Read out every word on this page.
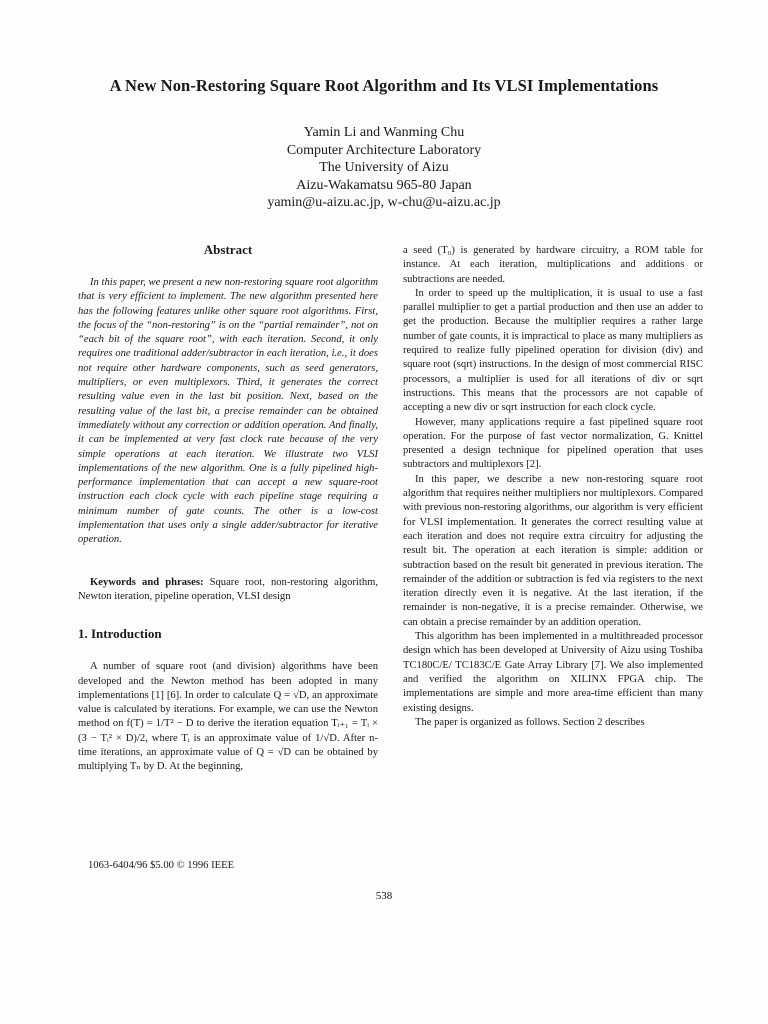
A New Non-Restoring Square Root Algorithm and Its VLSI Implementations
Yamin Li and Wanming Chu
Computer Architecture Laboratory
The University of Aizu
Aizu-Wakamatsu 965-80 Japan
yamin@u-aizu.ac.jp, w-chu@u-aizu.ac.jp
Abstract

In this paper, we present a new non-restoring square root algorithm that is very efficient to implement. The new algorithm presented here has the following features unlike other square root algorithms. First, the focus of the “non-restoring” is on the “partial remainder”, not on “each bit of the square root”, with each iteration. Second, it only requires one traditional adder/subtractor in each iteration, i.e., it does not require other hardware components, such as seed generators, multipliers, or even multiplexors. Third, it generates the correct resulting value even in the last bit position. Next, based on the resulting value of the last bit, a precise remainder can be obtained immediately without any correction or addition operation. And finally, it can be implemented at very fast clock rate because of the very simple operations at each iteration. We illustrate two VLSI implementations of the new algorithm. One is a fully pipelined high-performance implementation that can accept a new square-root instruction each clock cycle with each pipeline stage requiring a minimum number of gate counts. The other is a low-cost implementation that uses only a single adder/subtractor for iterative operation.

Keywords and phrases: Square root, non-restoring algorithm, Newton iteration, pipeline operation, VLSI design

1. Introduction

A number of square root (and division) algorithms have been developed and the Newton method has been adopted in many implementations [1] [6]. In order to calculate Q = √D, an approximate value is calculated by iterations. For example, we can use the Newton method on f(T) = 1/T² − D to derive the iteration equation Tᵢ₊₁ = Tᵢ × (3 − Tᵢ² × D)/2, where Tᵢ is an approximate value of 1/√D. After n-time iterations, an approximate value of Q = √D can be obtained by multiplying Tₙ by D. At the beginning,

a seed (T₀) is generated by hardware circuitry, a ROM table for instance. At each iteration, multiplications and additions or subtractions are needed.

In order to speed up the multiplication, it is usual to use a fast parallel multiplier to get a partial production and then use an adder to get the production. Because the multiplier requires a rather large number of gate counts, it is impractical to place as many multipliers as required to realize fully pipelined operation for division (div) and square root (sqrt) instructions. In the design of most commercial RISC processors, a multiplier is used for all iterations of div or sqrt instructions. This means that the processors are not capable of accepting a new div or sqrt instruction for each clock cycle.

However, many applications require a fast pipelined square root operation. For the purpose of fast vector normalization, G. Knittel presented a design technique for pipelined operation that uses subtractors and multiplexors [2].

In this paper, we describe a new non-restoring square root algorithm that requires neither multipliers nor multiplexors. Compared with previous non-restoring algorithms, our algorithm is very efficient for VLSI implementation. It generates the correct resulting value at each iteration and does not require extra circuitry for adjusting the result bit. The operation at each iteration is simple: addition or subtraction based on the result bit generated in previous iteration. The remainder of the addition or subtraction is fed via registers to the next iteration directly even it is negative. At the last iteration, if the remainder is non-negative, it is a precise remainder. Otherwise, we can obtain a precise remainder by an addition operation.

This algorithm has been implemented in a multithreaded processor design which has been developed at University of Aizu using Toshiba TC180C/E/ TC183C/E Gate Array Library [7]. We also implemented and verified the algorithm on XILINX FPGA chip. The implementations are simple and more area-time efficient than many existing designs.

The paper is organized as follows. Section 2 describes

1063-6404/96 $5.00 © 1996 IEEE
538
